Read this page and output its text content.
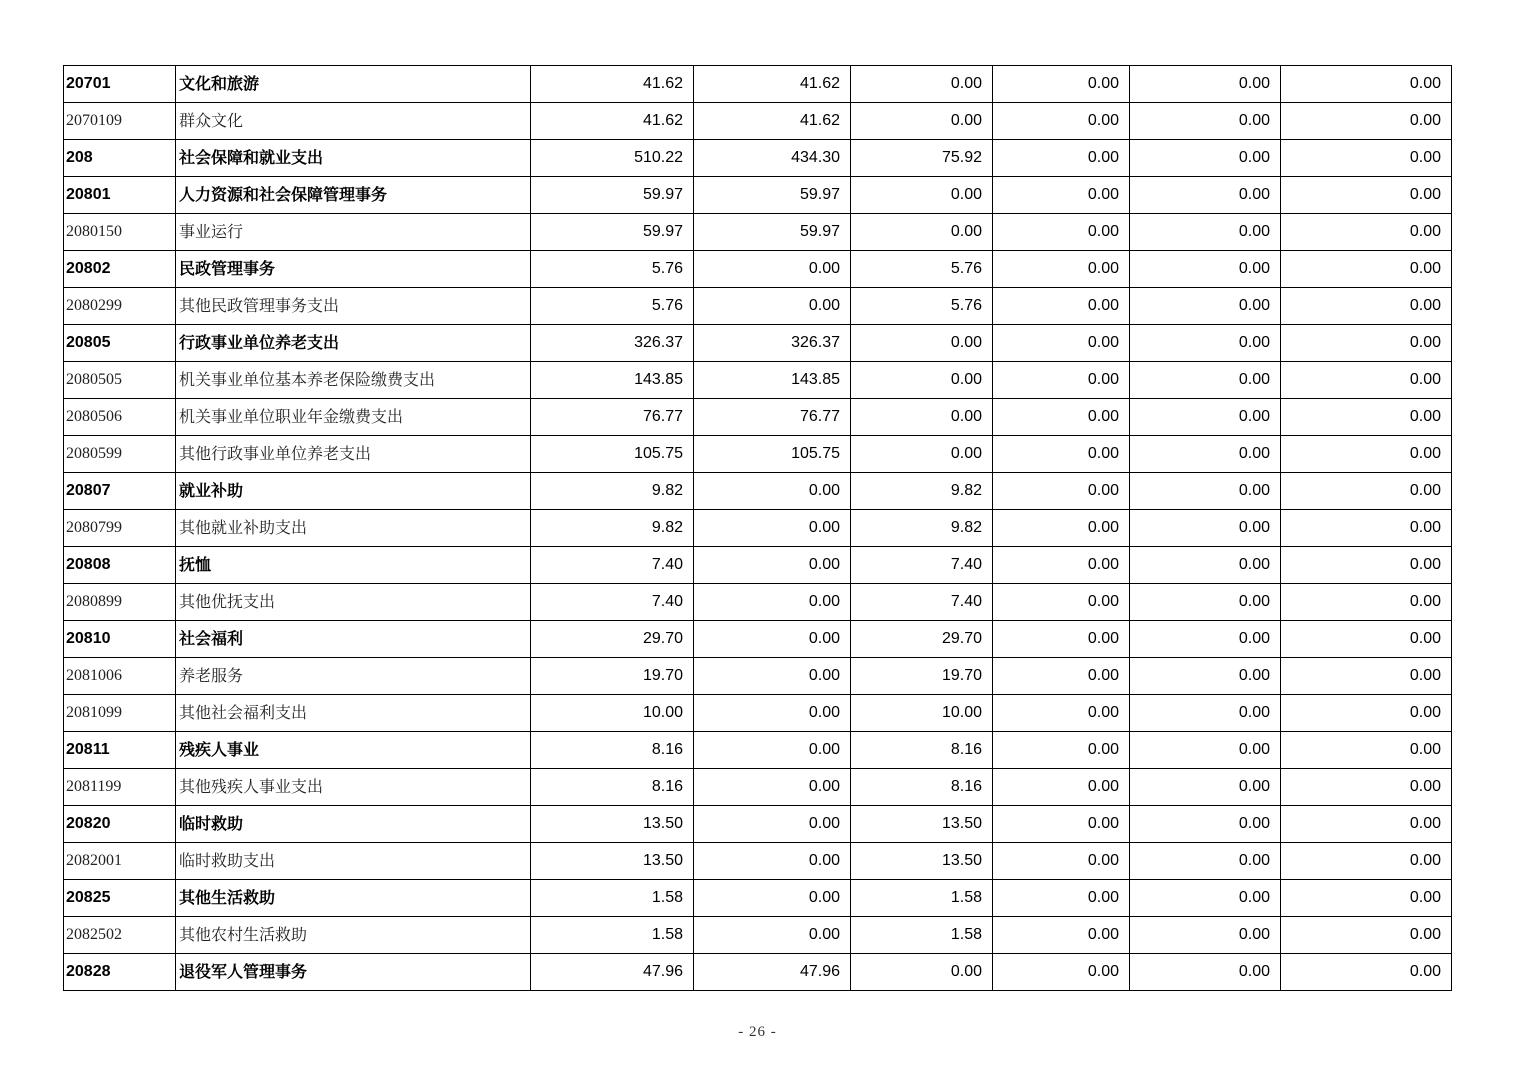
20701	文化和旅游	41.62	41.62	0.00	0.00	0.00	0.00
2070109	群众文化	41.62	41.62	0.00	0.00	0.00	0.00
208	社会保障和就业支出	510.22	434.30	75.92	0.00	0.00	0.00
20801	人力资源和社会保障管理事务	59.97	59.97	0.00	0.00	0.00	0.00
2080150	事业运行	59.97	59.97	0.00	0.00	0.00	0.00
20802	民政管理事务	5.76	0.00	5.76	0.00	0.00	0.00
2080299	其他民政管理事务支出	5.76	0.00	5.76	0.00	0.00	0.00
20805	行政事业单位养老支出	326.37	326.37	0.00	0.00	0.00	0.00
2080505	机关事业单位基本养老保险缴费支出	143.85	143.85	0.00	0.00	0.00	0.00
2080506	机关事业单位职业年金缴费支出	76.77	76.77	0.00	0.00	0.00	0.00
2080599	其他行政事业单位养老支出	105.75	105.75	0.00	0.00	0.00	0.00
20807	就业补助	9.82	0.00	9.82	0.00	0.00	0.00
2080799	其他就业补助支出	9.82	0.00	9.82	0.00	0.00	0.00
20808	抚恤	7.40	0.00	7.40	0.00	0.00	0.00
2080899	其他优抚支出	7.40	0.00	7.40	0.00	0.00	0.00
20810	社会福利	29.70	0.00	29.70	0.00	0.00	0.00
2081006	养老服务	19.70	0.00	19.70	0.00	0.00	0.00
2081099	其他社会福利支出	10.00	0.00	10.00	0.00	0.00	0.00
20811	残疾人事业	8.16	0.00	8.16	0.00	0.00	0.00
2081199	其他残疾人事业支出	8.16	0.00	8.16	0.00	0.00	0.00
20820	临时救助	13.50	0.00	13.50	0.00	0.00	0.00
2082001	临时救助支出	13.50	0.00	13.50	0.00	0.00	0.00
20825	其他生活救助	1.58	0.00	1.58	0.00	0.00	0.00
2082502	其他农村生活救助	1.58	0.00	1.58	0.00	0.00	0.00
20828	退役军人管理事务	47.96	47.96	0.00	0.00	0.00	0.00
- 26 -
